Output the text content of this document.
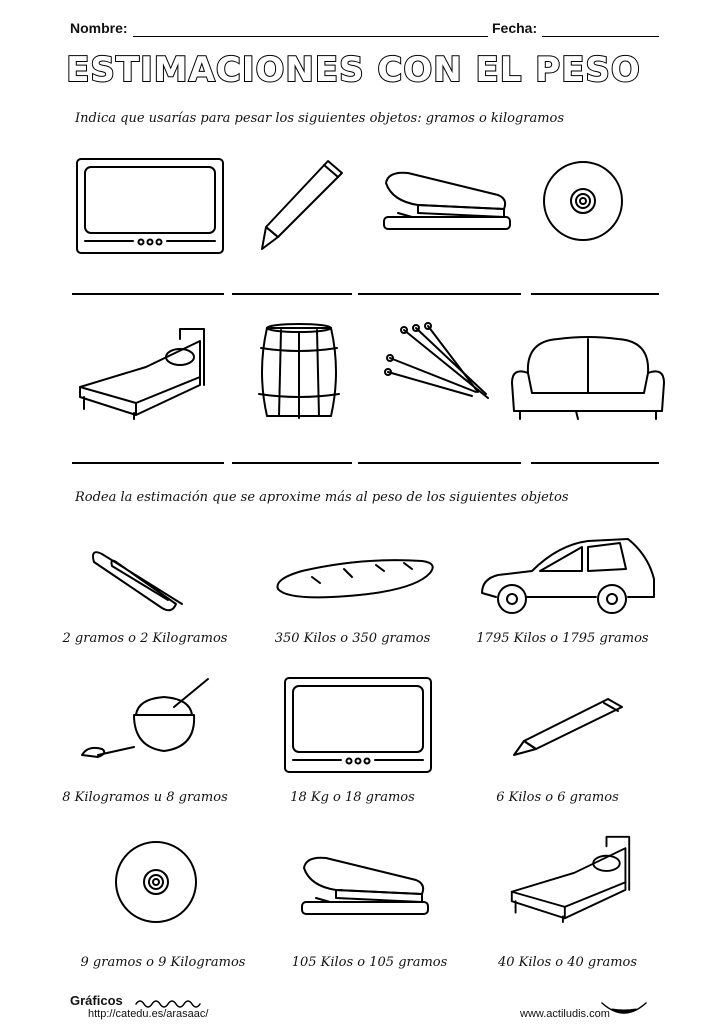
Nombre:	Fecha:
ESTIMACIONES CON EL PESO
Indica que usarías para pesar los siguientes objetos: gramos o kilogramos
Rodea la estimación que se aproxime más al peso de los siguientes objetos
2 gramos o 2 Kilogramos	350 Kilos o 350 gramos	1795 Kilos o 1795 gramos
8 Kilogramos u 8 gramos	18 Kg o 18 gramos	6 Kilos o 6 gramos
9 gramos o 9 Kilogramos	105 Kilos o 105 gramos	40 Kilos o 40 gramos
Gráficos
http://catedu.es/arasaac/	www.actiludis.com
